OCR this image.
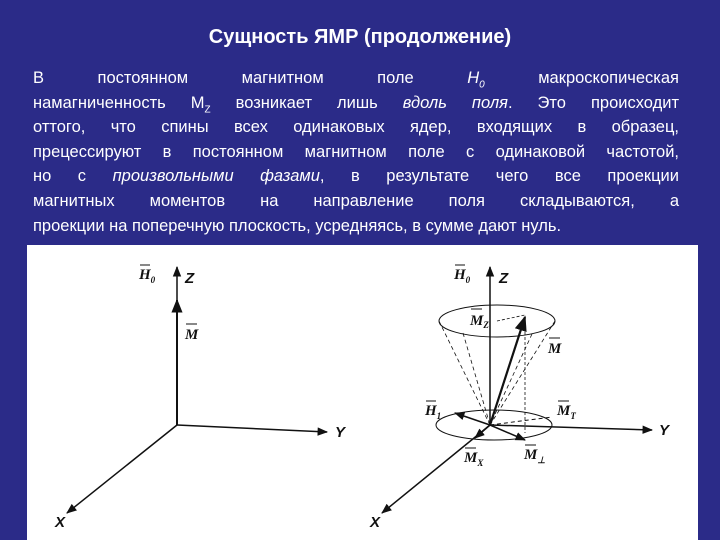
Сущность ЯМР (продолжение)
В постоянном магнитном поле $H_0$ макроскопическая
намагниченность $M_Z$ возникает лишь вдоль поля. Это происходит
оттого, что спины всех одинаковых ядер, входящих в образец,
прецессируют в постоянном магнитном поле с одинаковой частотой,
но с произвольными фазами, в результате чего все проекции
магнитных моментов на направление поля складываются, а
проекции на поперечную плоскость, усредняясь, в сумме дают нуль.
$H_0$ Z
M
Y
X
$H_0$ Z
$M_Z$
M
$H_1$	$M_T$
$M_X$	$M_\perp$
Y
X
